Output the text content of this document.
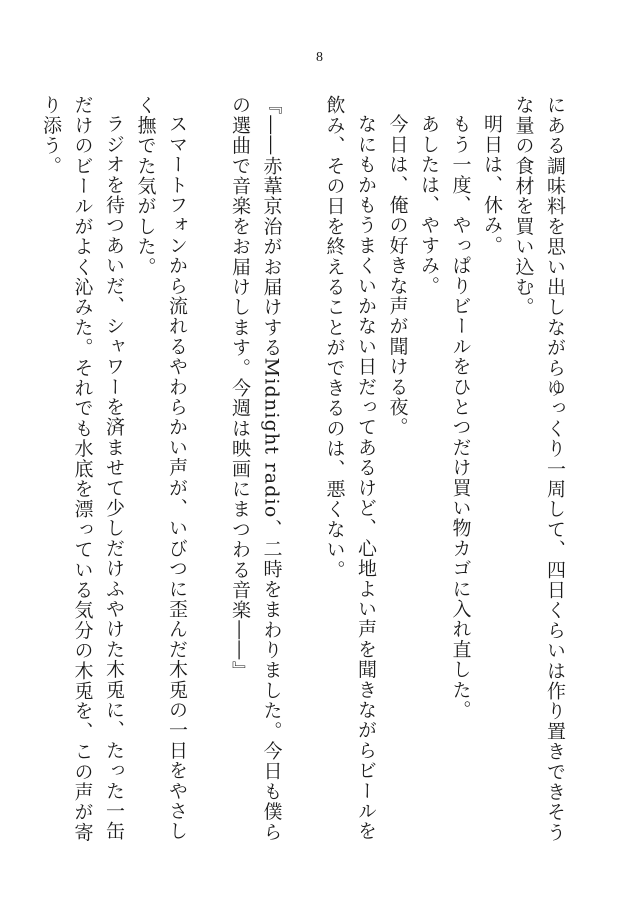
8

にある調味料を思い出しながらゆっくり一周して、四日くらいは作り置きできそうな量の食材を買い込む。

明日は、休み。

もう一度、やっぱりビールをひとつだけ買い物カゴに入れ直した。

あしたは、やすみ。

今日は、俺の好きな声が聞ける夜。

なにもかもうまくいかない日だってあるけど、心地よい声を聞きながらビールを飲み、その日を終えることができるのは、悪くない。

『――赤葦京治がお届けするMidnight radio、二時をまわりました。今日も僕らの選曲で音楽をお届けします。今週は映画にまつわる音楽――』

スマートフォンから流れるやわらかい声が、いびつに歪んだ木兎の一日をやさしく撫でた気がした。

ラジオを待つあいだ、シャワーを済ませて少しだけふやけた木兎に、たった一缶だけのビールがよく沁みた。それでも水底を漂っている気分の木兎を、この声が寄り添う。
